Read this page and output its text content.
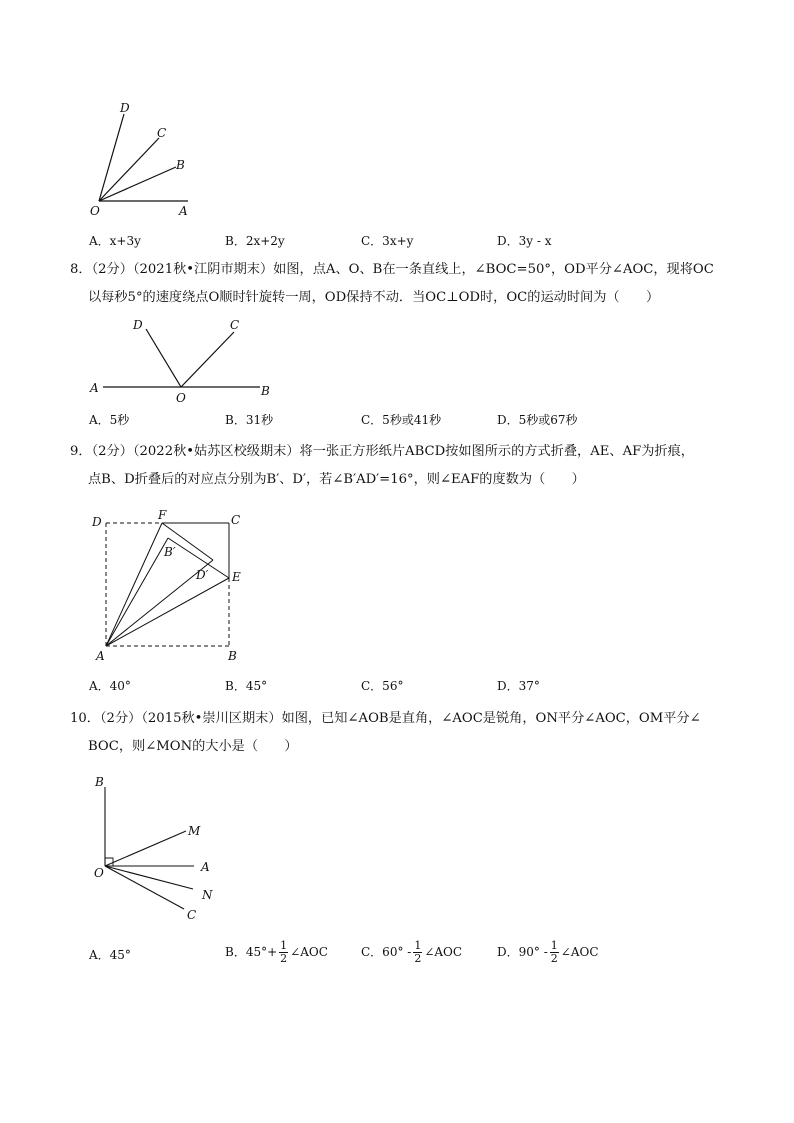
D
C
B
O	A
A．x+3y	B．2x+2y	C．3x+y	D．3y - x
8．（2分）（2021秋•江阴市期末）如图，点A、O、B在一条直线上，∠BOC=50°，OD平分∠AOC，现将OC
以每秒5°的速度绕点O顺时针旋转一周，OD保持不动．当OC⊥OD时，OC的运动时间为（　　）
D	C
A
O	B
A．5秒	B．31秒	C．5秒或41秒	D．5秒或67秒
9．（2分）（2022秋•姑苏区校级期末）将一张正方形纸片ABCD按如图所示的方式折叠，AE、AF为折痕，
点B、D折叠后的对应点分别为B′、D′，若∠B′AD′=16°，则∠EAF的度数为（　　）
D	F	C
B′
D′ E
A	B
A．40°	B．45°	C．56°	D．37°
10．（2分）（2015秋•崇川区期末）如图，已知∠AOB是直角，∠AOC是锐角，ON平分∠AOC，OM平分∠
BOC，则∠MON的大小是（　　）
B
M
O	A
N
C
A．45°	B．$45^\circ+ \frac{1}{2}$ ∠AOC	C．$60^\circ - \frac{1}{2}$ ∠AOC	D．$90^\circ - \frac{1}{2}$ ∠AOC
